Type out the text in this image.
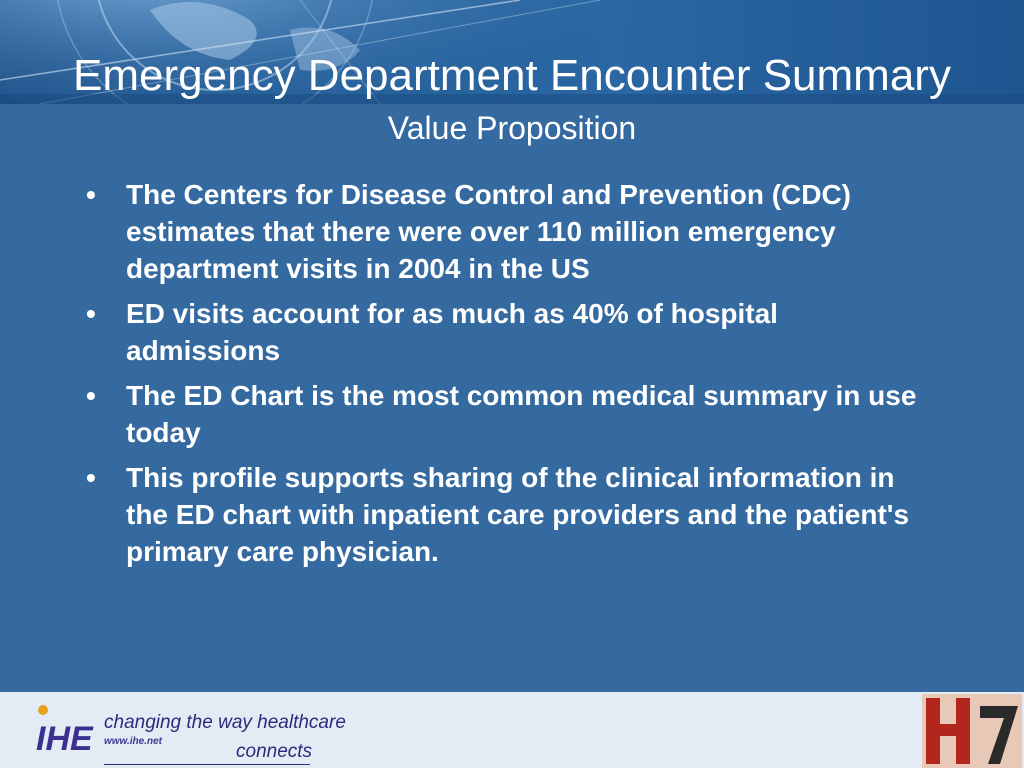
Emergency Department Encounter Summary
Value Proposition
• The Centers for Disease Control and Prevention (CDC) estimates that there were over 110 million emergency department visits in 2004 in the US
• ED visits account for as much as 40% of hospital admissions
• The ED Chart is the most common medical summary in use today
• This profile supports sharing of the clinical information in the ED chart with inpatient care providers and the patient's primary care physician.
IHE changing the way healthcare
www.ihe.net	connects
HL7
